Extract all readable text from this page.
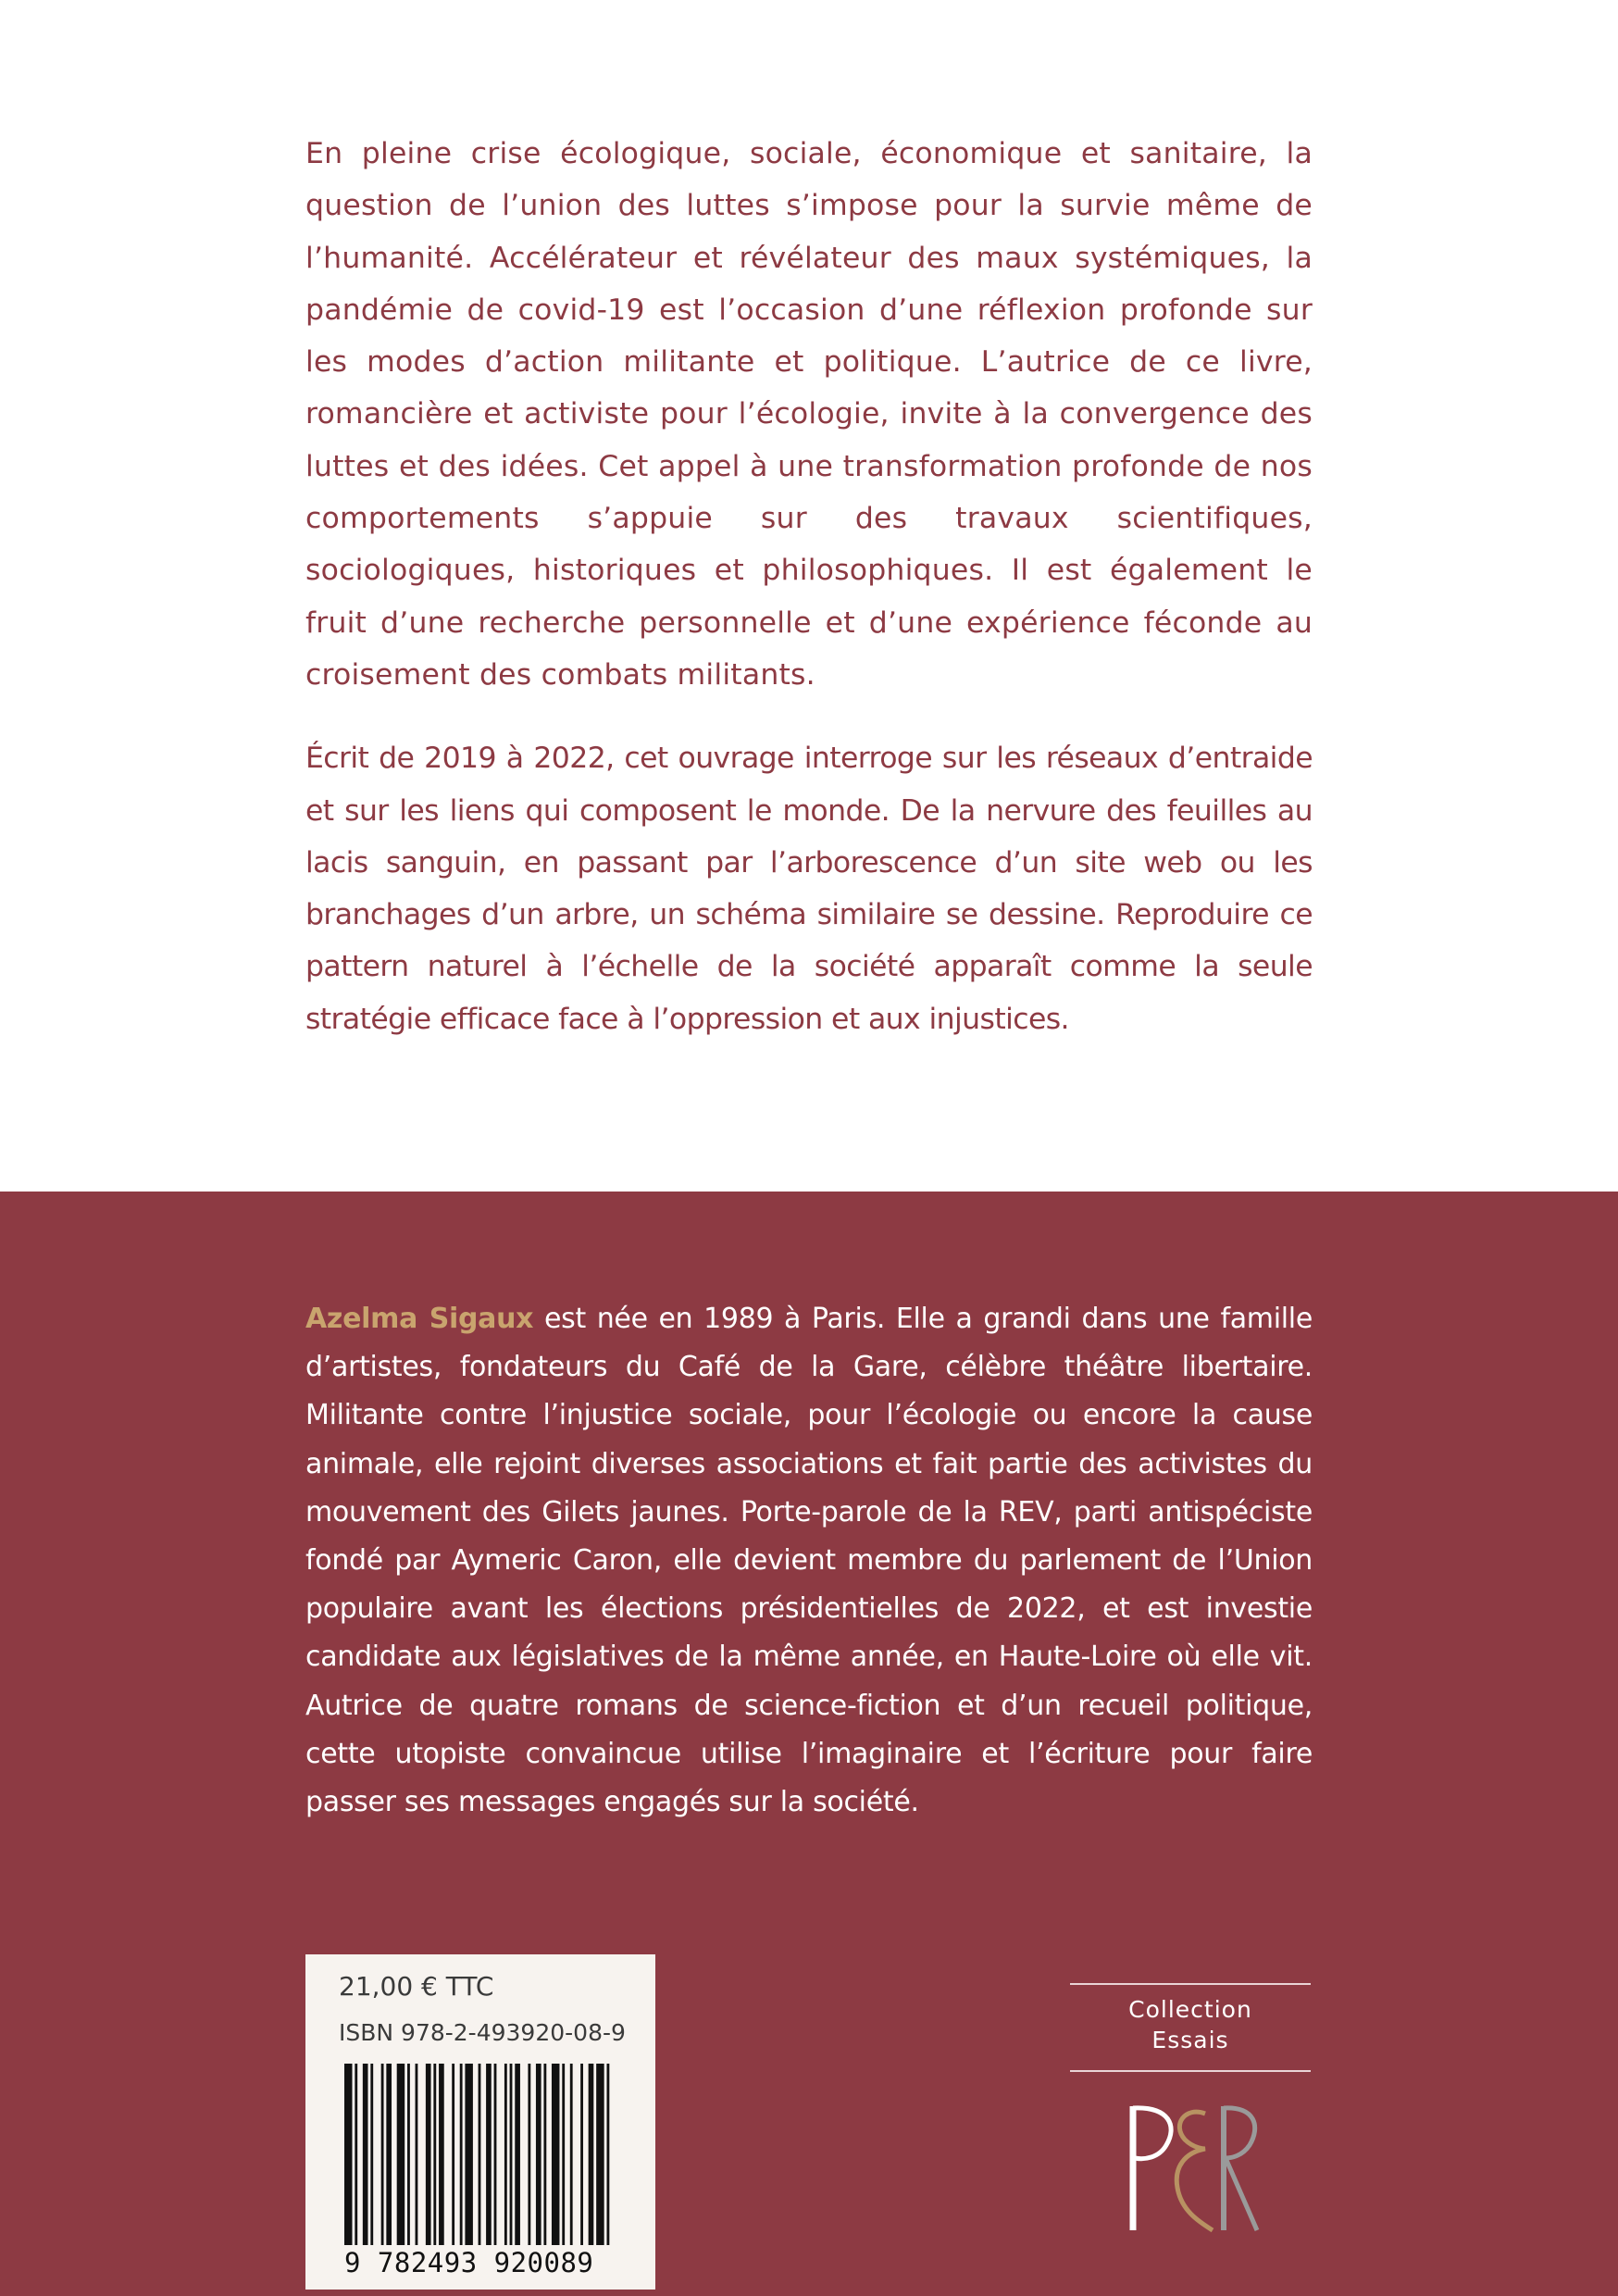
En pleine crise écologique, sociale, économique et sanitaire, la question de l’union des luttes s’impose pour la survie même de l’humanité. Accélérateur et révélateur des maux systémiques, la pandémie de covid-19 est l’occasion d’une réflexion profonde sur les modes d’action militante et politique. L’autrice de ce livre, romancière et activiste pour l’écologie, invite à la convergence des luttes et des idées. Cet appel à une transformation profonde de nos comportements s’appuie sur des travaux scientifiques, sociologiques, historiques et philosophiques. Il est également le fruit d’une recherche personnelle et d’une expérience féconde au croisement des combats militants.

Écrit de 2019 à 2022, cet ouvrage interroge sur les réseaux d’entraide et sur les liens qui composent le monde. De la nervure des feuilles au lacis sanguin, en passant par l’arborescence d’un site web ou les branchages d’un arbre, un schéma similaire se dessine. Reproduire ce pattern naturel à l’échelle de la société apparaît comme la seule stratégie efficace face à l’oppression et aux injustices.

Azelma Sigaux est née en 1989 à Paris. Elle a grandi dans une famille d’artistes, fondateurs du Café de la Gare, célèbre théâtre libertaire. Militante contre l’injustice sociale, pour l’écologie ou encore la cause animale, elle rejoint diverses associations et fait partie des activistes du mouvement des Gilets jaunes. Porte-parole de la REV, parti antispéciste fondé par Aymeric Caron, elle devient membre du parlement de l’Union populaire avant les élections présidentielles de 2022, et est investie candidate aux législatives de la même année, en Haute-Loire où elle vit. Autrice de quatre romans de science-fiction et d’un recueil politique, cette utopiste convaincue utilise l’imaginaire et l’écriture pour faire passer ses messages engagés sur la société.

21,00 € TTC
ISBN 978-2-493920-08-9
9 782493 920089
Collection
Essais
